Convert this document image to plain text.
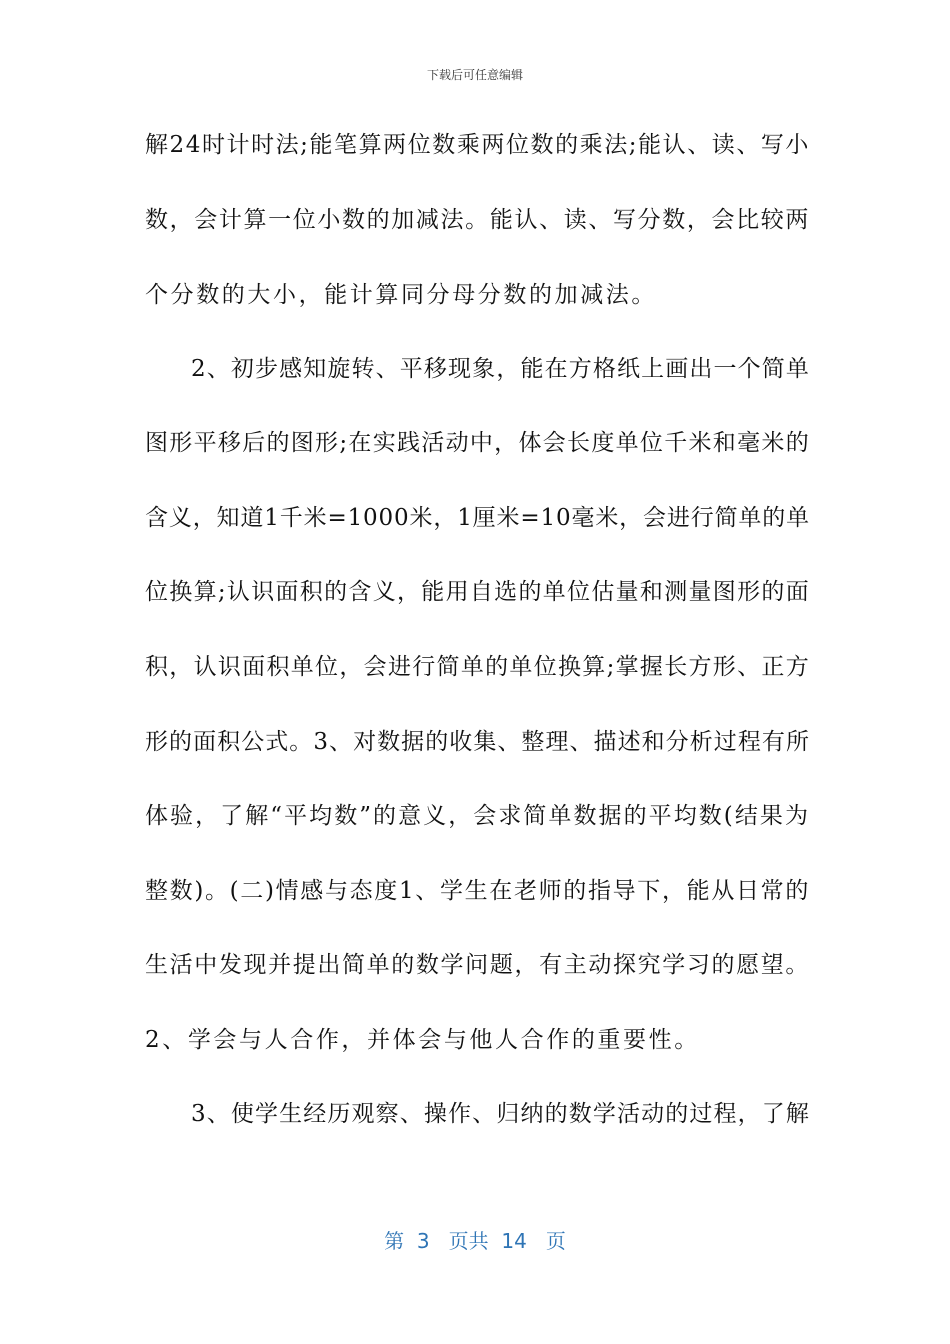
下载后可任意编辑
解24时计时法;能笔算两位数乘两位数的乘法;能认、读、写小
数，会计算一位小数的加减法。能认、读、写分数，会比较两
个分数的大小，能计算同分母分数的加减法。
2、初步感知旋转、平移现象，能在方格纸上画出一个简单
图形平移后的图形;在实践活动中，体会长度单位千米和毫米的
含义，知道1千米=1000米，1厘米=10毫米，会进行简单的单
位换算;认识面积的含义，能用自选的单位估量和测量图形的面
积，认识面积单位，会进行简单的单位换算;掌握长方形、正方
形的面积公式。3、对数据的收集、整理、描述和分析过程有所
体验，了解“平均数”的意义，会求简单数据的平均数(结果为
整数)。(二)情感与态度1、学生在老师的指导下，能从日常的
生活中发现并提出简单的数学问题，有主动探究学习的愿望。
2、学会与人合作，并体会与他人合作的重要性。
3、使学生经历观察、操作、归纳的数学活动的过程，了解
第  3   页共  14   页
